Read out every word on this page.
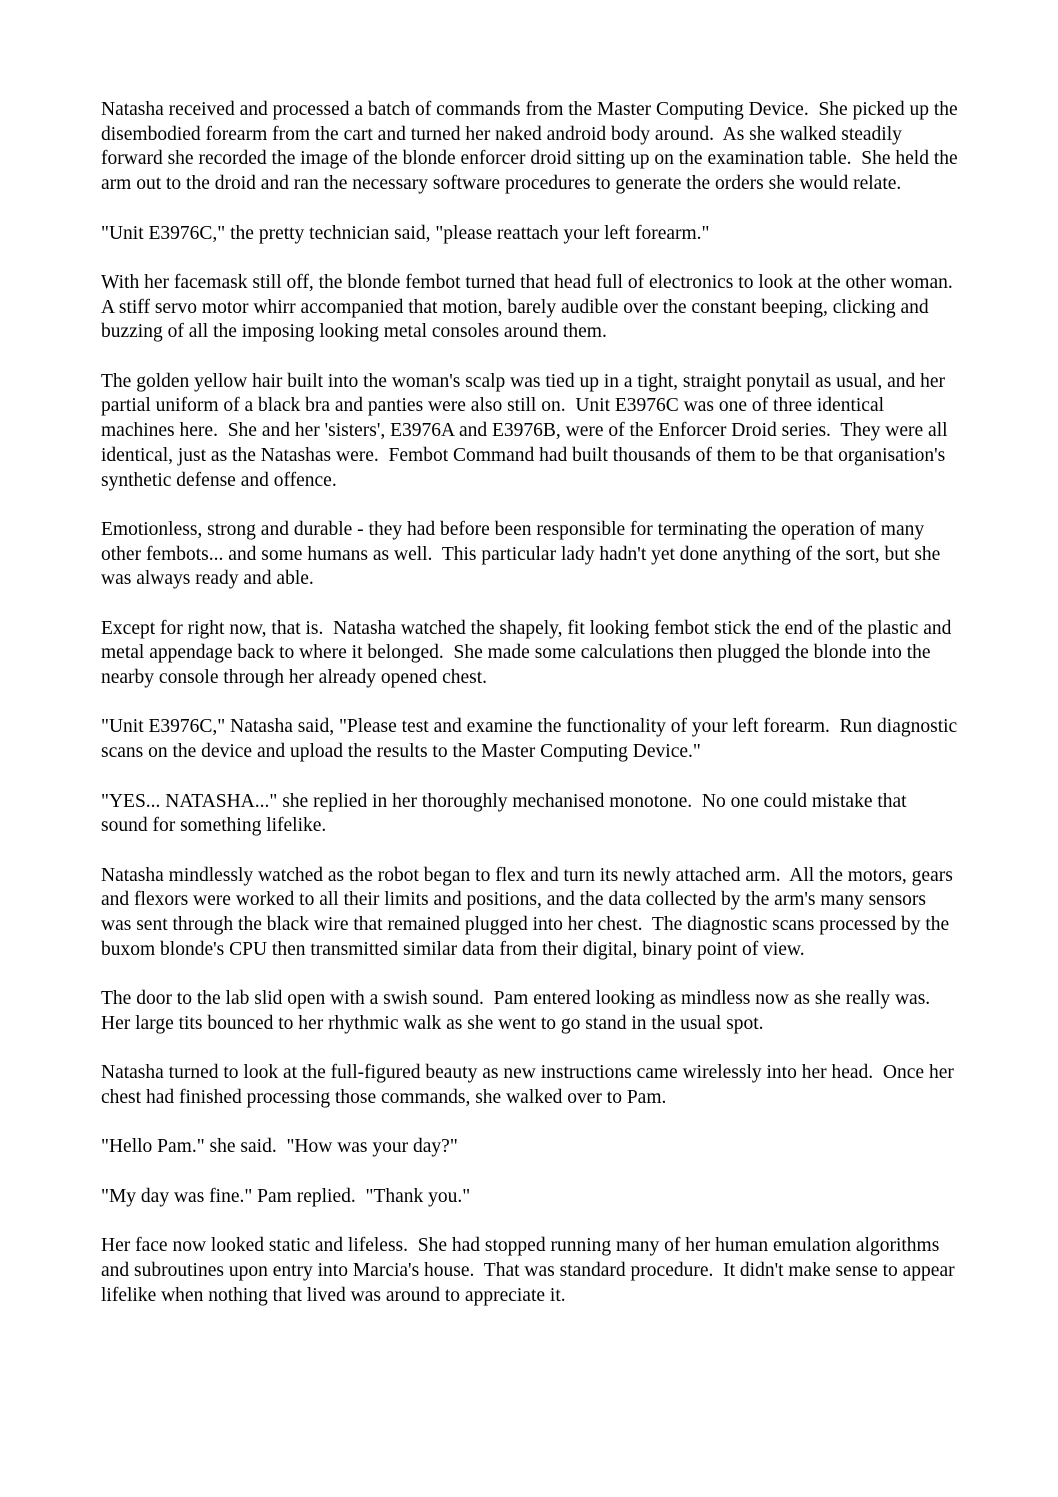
Natasha received and processed a batch of commands from the Master Computing Device.  She picked up the disembodied forearm from the cart and turned her naked android body around.  As she walked steadily forward she recorded the image of the blonde enforcer droid sitting up on the examination table.  She held the arm out to the droid and ran the necessary software procedures to generate the orders she would relate.

"Unit E3976C," the pretty technician said, "please reattach your left forearm."

With her facemask still off, the blonde fembot turned that head full of electronics to look at the other woman.  A stiff servo motor whirr accompanied that motion, barely audible over the constant beeping, clicking and buzzing of all the imposing looking metal consoles around them.

The golden yellow hair built into the woman's scalp was tied up in a tight, straight ponytail as usual, and her partial uniform of a black bra and panties were also still on.  Unit E3976C was one of three identical machines here.  She and her 'sisters', E3976A and E3976B, were of the Enforcer Droid series.  They were all identical, just as the Natashas were.  Fembot Command had built thousands of them to be that organisation's synthetic defense and offence.

Emotionless, strong and durable - they had before been responsible for terminating the operation of many other fembots... and some humans as well.  This particular lady hadn't yet done anything of the sort, but she was always ready and able.

Except for right now, that is.  Natasha watched the shapely, fit looking fembot stick the end of the plastic and metal appendage back to where it belonged.  She made some calculations then plugged the blonde into the nearby console through her already opened chest.

"Unit E3976C," Natasha said, "Please test and examine the functionality of your left forearm.  Run diagnostic scans on the device and upload the results to the Master Computing Device."

"YES... NATASHA..." she replied in her thoroughly mechanised monotone.  No one could mistake that sound for something lifelike.

Natasha mindlessly watched as the robot began to flex and turn its newly attached arm.  All the motors, gears and flexors were worked to all their limits and positions, and the data collected by the arm's many sensors was sent through the black wire that remained plugged into her chest.  The diagnostic scans processed by the buxom blonde's CPU then transmitted similar data from their digital, binary point of view.

The door to the lab slid open with a swish sound.  Pam entered looking as mindless now as she really was.  Her large tits bounced to her rhythmic walk as she went to go stand in the usual spot.

Natasha turned to look at the full-figured beauty as new instructions came wirelessly into her head.  Once her chest had finished processing those commands, she walked over to Pam.

"Hello Pam." she said.  "How was your day?"

"My day was fine." Pam replied.  "Thank you."

Her face now looked static and lifeless.  She had stopped running many of her human emulation algorithms and subroutines upon entry into Marcia's house.  That was standard procedure.  It didn't make sense to appear lifelike when nothing that lived was around to appreciate it.
